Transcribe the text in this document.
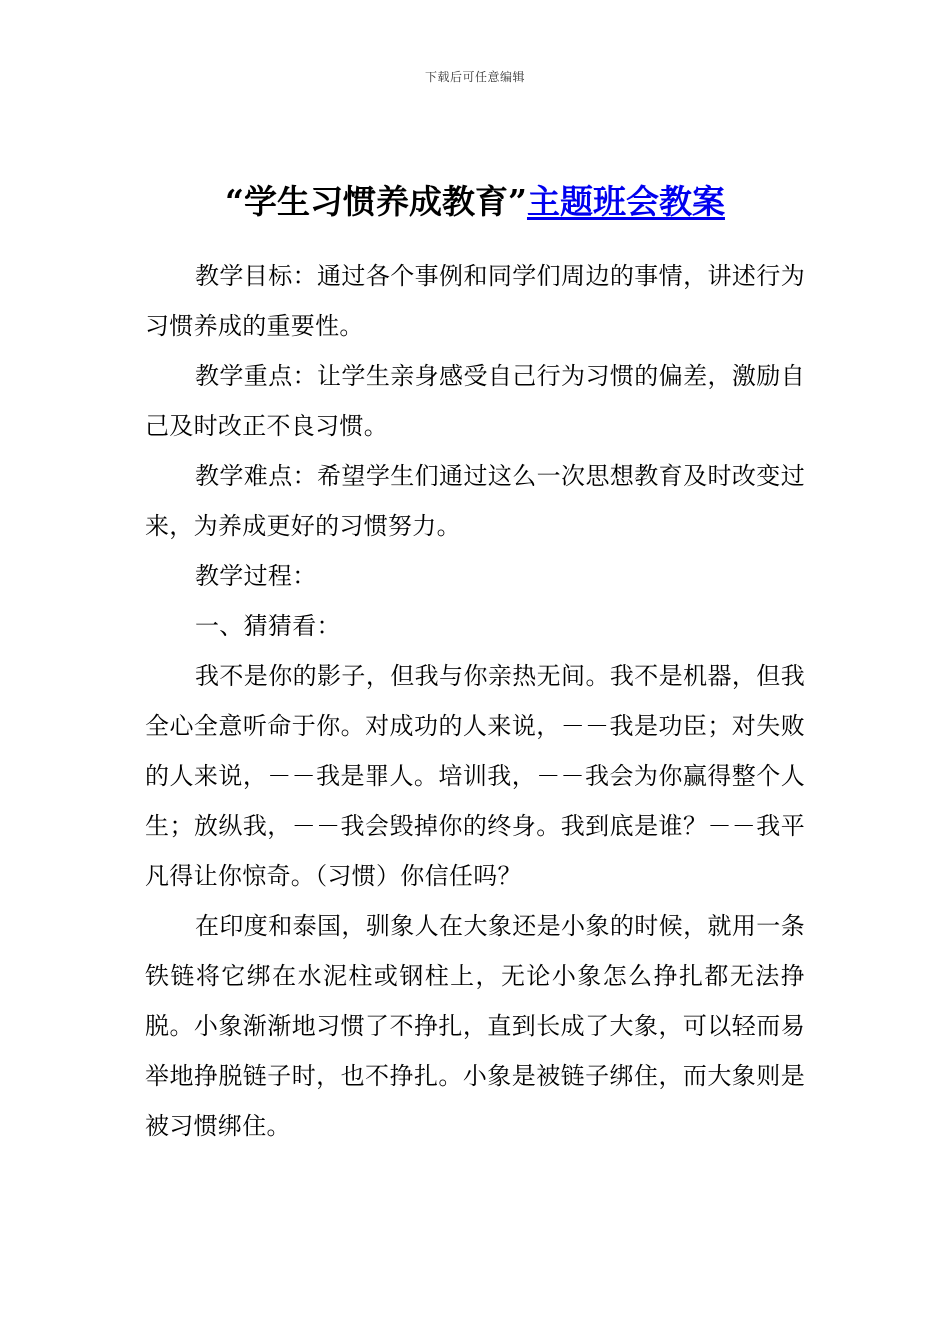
下载后可任意编辑
“学生习惯养成教育”主题班会教案

教学目标：通过各个事例和同学们周边的事情，讲述行为习惯养成的重要性。

教学重点：让学生亲身感受自己行为习惯的偏差，激励自己及时改正不良习惯。

教学难点：希望学生们通过这么一次思想教育及时改变过来，为养成更好的习惯努力。

教学过程：

一、猜猜看：

我不是你的影子，但我与你亲热无间。我不是机器，但我全心全意听命于你。对成功的人来说，－－我是功臣；对失败的人来说，－－我是罪人。培训我，－－我会为你赢得整个人生；放纵我，－－我会毁掉你的终身。我到底是谁？－－我平凡得让你惊奇。（习惯）你信任吗？

在印度和泰国，驯象人在大象还是小象的时候，就用一条铁链将它绑在水泥柱或钢柱上，无论小象怎么挣扎都无法挣脱。小象渐渐地习惯了不挣扎，直到长成了大象，可以轻而易举地挣脱链子时，也不挣扎。小象是被链子绑住，而大象则是被习惯绑住。
